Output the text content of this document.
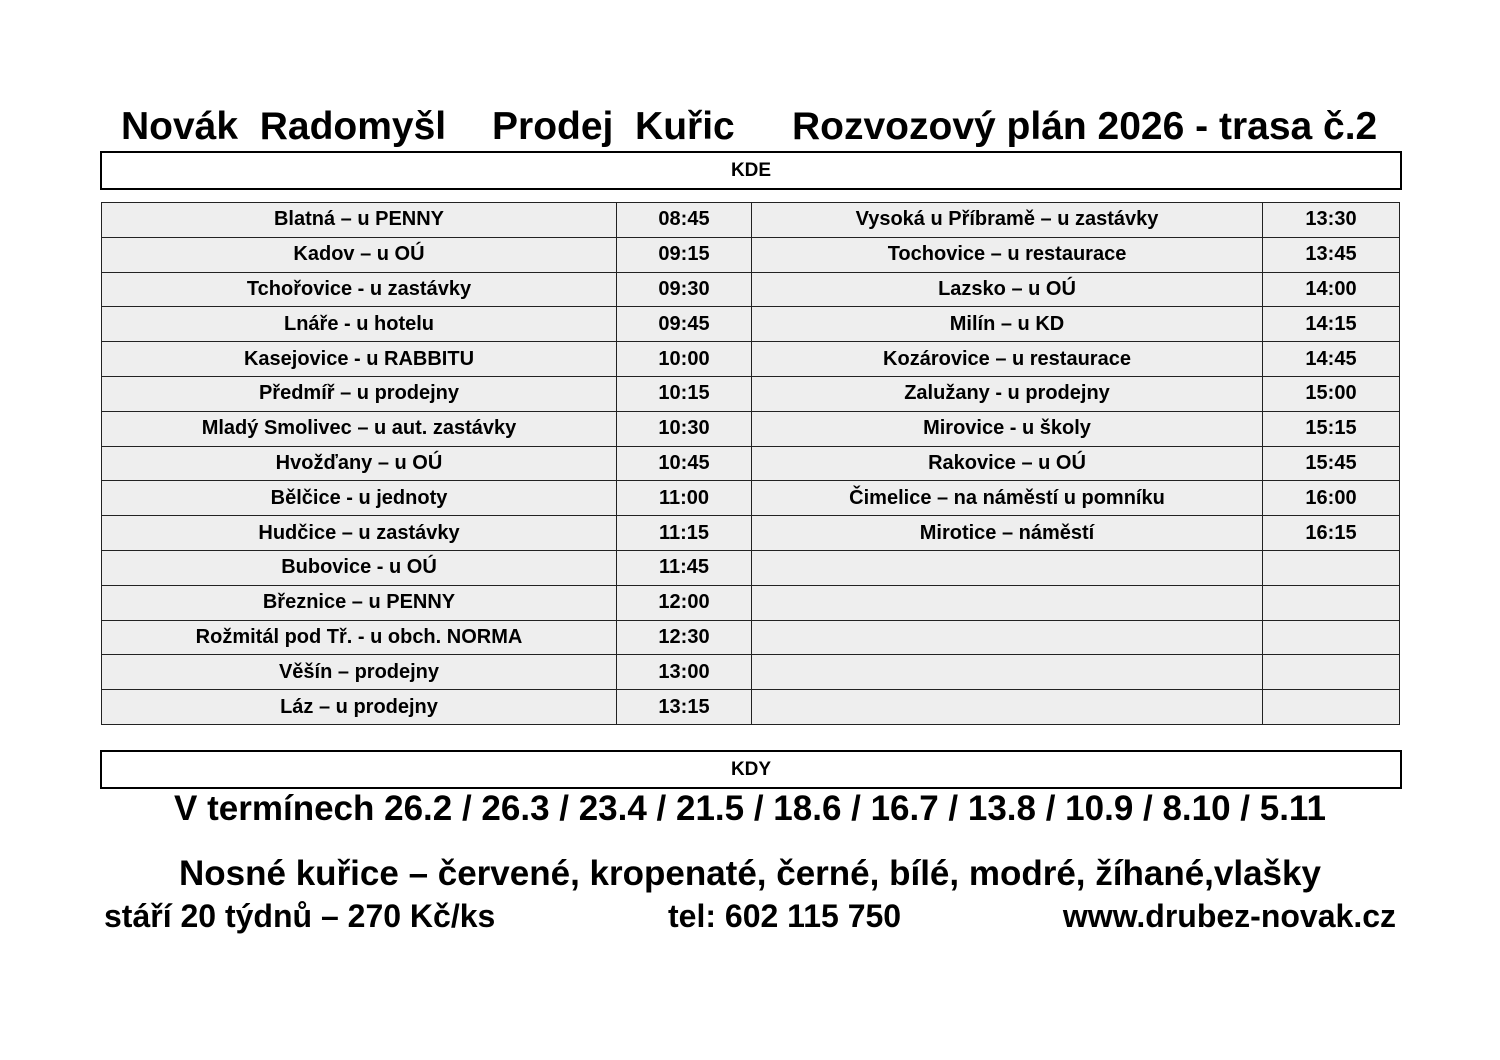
Novák  Radomyšl

Prodej  Kuřic

Rozvozový plán 2026 - trasa č.2

KDE
Blatná – u PENNY	08:45	Vysoká u Příbramě – u zastávky	13:30
Kadov – u OÚ	09:15	Tochovice – u restaurace	13:45
Tchořovice - u zastávky	09:30	Lazsko – u OÚ	14:00
Lnáře - u hotelu	09:45	Milín – u KD	14:15
Kasejovice - u RABBITU	10:00	Kozárovice – u restaurace	14:45
Předmíř – u prodejny	10:15	Zalužany - u prodejny	15:00
Mladý Smolivec – u aut. zastávky	10:30	Mirovice - u školy	15:15
Hvožďany – u OÚ	10:45	Rakovice – u OÚ	15:45
Bělčice - u jednoty	11:00	Čimelice – na náměstí u pomníku	16:00
Hudčice – u zastávky	11:15	Mirotice – náměstí	16:15
Bubovice - u OÚ	11:45		
Březnice – u PENNY	12:00		
Rožmitál pod Tř. - u obch. NORMA	12:30		
Věšín – prodejny	13:00		
Láz – u prodejny	13:15		
KDY
V termínech 26.2 / 26.3 / 23.4 / 21.5 / 18.6 / 16.7 / 13.8 / 10.9 / 8.10 / 5.11
Nosné kuřice – červené, kropenaté, černé, bílé, modré, žíhané,vlašky
stáří 20 týdnů – 270 Kč/ks	tel: 602 115 750	www.drubez-novak.cz
